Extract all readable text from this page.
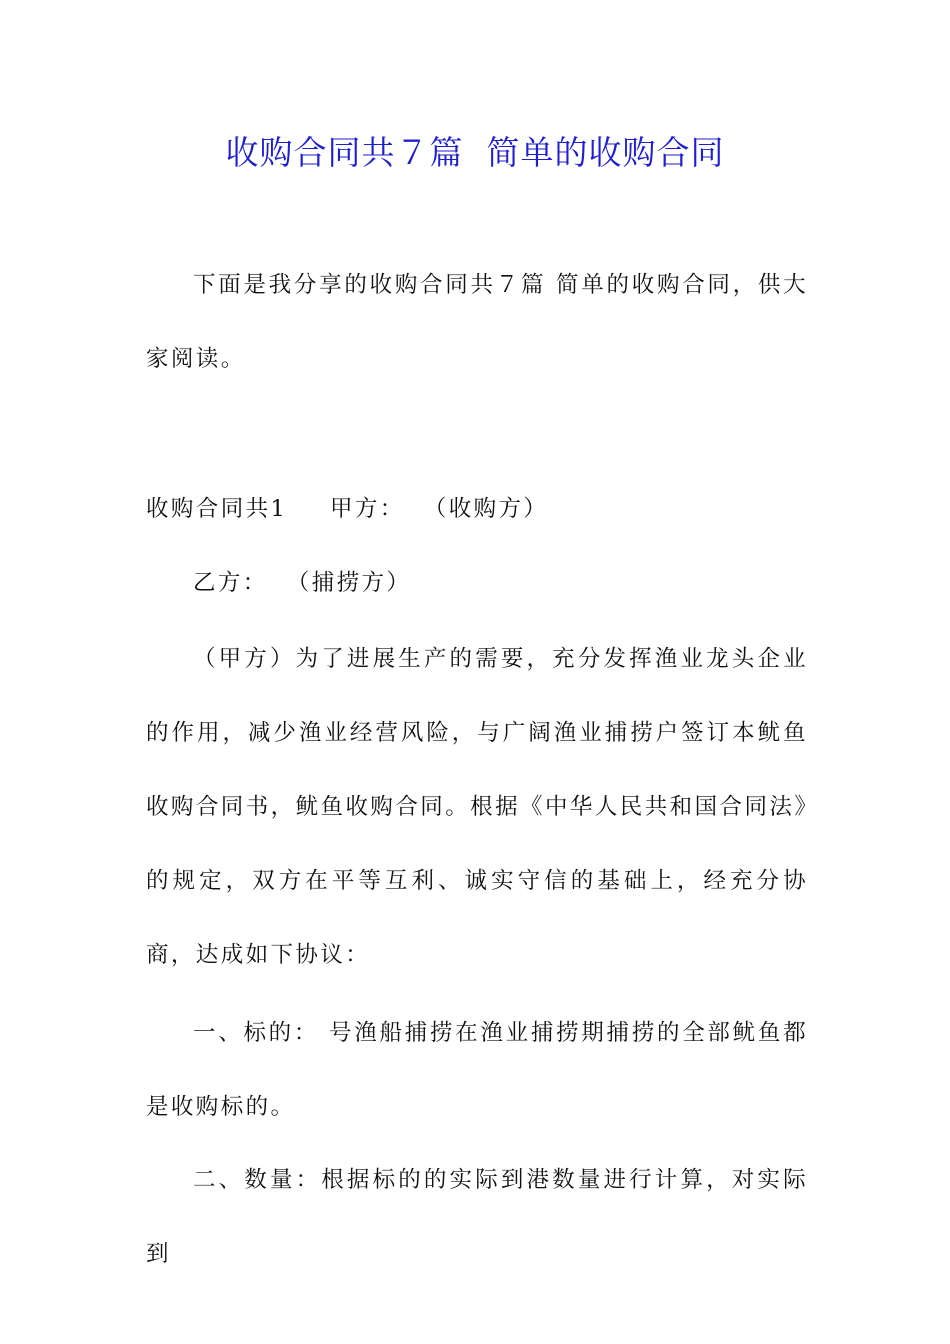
收购合同共７篇  简单的收购合同

下面是我分享的收购合同共７篇 简单的收购合同，供大家阅读。

收购合同共1 甲方：  （收购方）
乙方：  （捕捞方）

（甲方）为了进展生产的需要，充分发挥渔业龙头企业的作用，减少渔业经营风险，与广阔渔业捕捞户签订本鱿鱼收购合同书，鱿鱼收购合同。根据《中华人民共和国合同法》的规定，双方在平等互利、诚实守信的基础上，经充分协商，达成如下协议：

一、标的： 号渔船捕捞在渔业捕捞期捕捞的全部鱿鱼都是收购标的。

二、数量：根据标的的实际到港数量进行计算，对实际到
